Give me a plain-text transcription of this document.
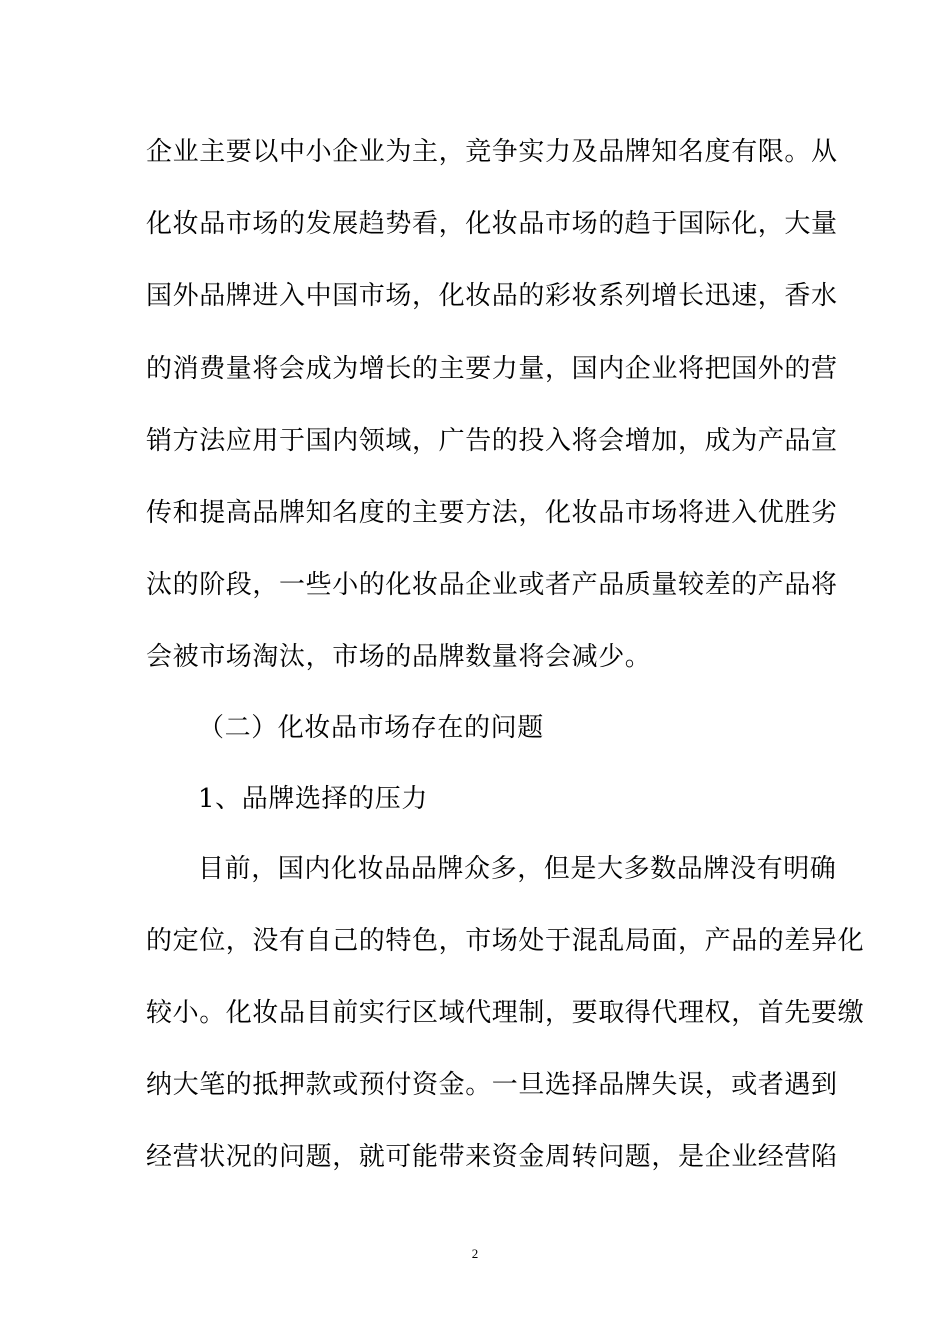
企业主要以中小企业为主，竞争实力及品牌知名度有限。从
化妆品市场的发展趋势看，化妆品市场的趋于国际化，大量
国外品牌进入中国市场，化妆品的彩妆系列增长迅速，香水
的消费量将会成为增长的主要力量，国内企业将把国外的营
销方法应用于国内领域，广告的投入将会增加，成为产品宣
传和提高品牌知名度的主要方法，化妆品市场将进入优胜劣
汰的阶段，一些小的化妆品企业或者产品质量较差的产品将
会被市场淘汰，市场的品牌数量将会减少。
（二）化妆品市场存在的问题
1、品牌选择的压力
目前，国内化妆品品牌众多，但是大多数品牌没有明确
的定位，没有自己的特色，市场处于混乱局面，产品的差异化
较小。化妆品目前实行区域代理制，要取得代理权，首先要缴
纳大笔的抵押款或预付资金。一旦选择品牌失误，或者遇到
经营状况的问题，就可能带来资金周转问题，是企业经营陷
2
